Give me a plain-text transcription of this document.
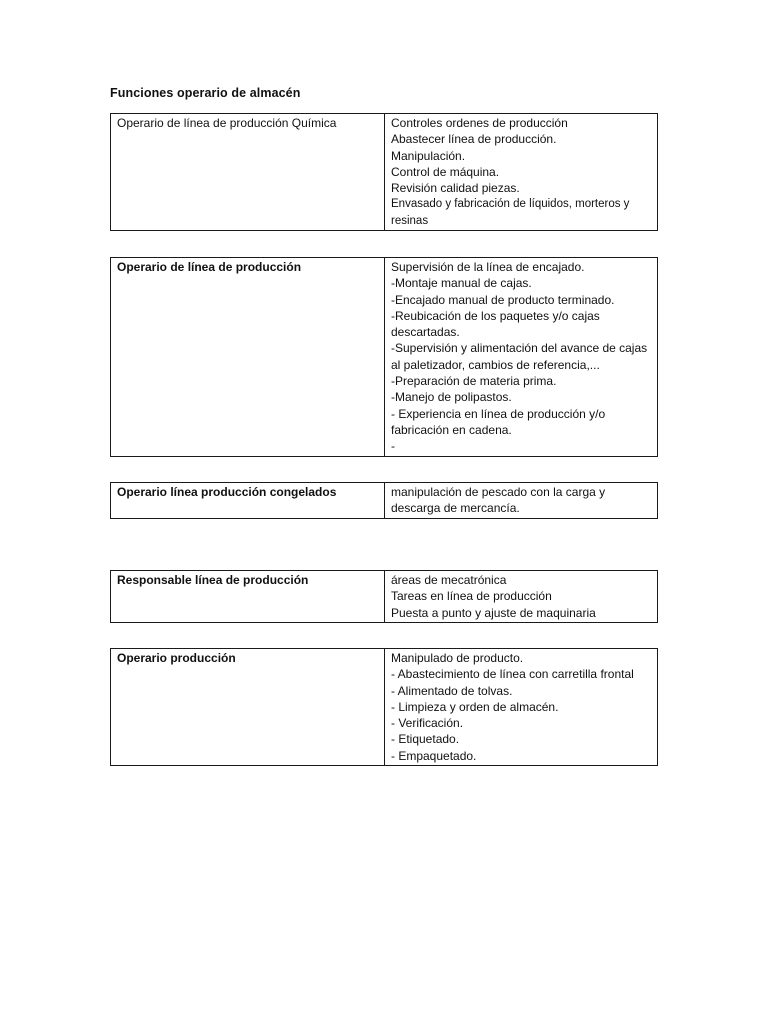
Funciones operario de almacén
Operario de línea de producción Química	Controles ordenes de producción
Abastecer línea de producción.
Manipulación.
Control de máquina.
Revisión calidad piezas.
Envasado y fabricación de líquidos, morteros y resinas
Operario de línea de producción	Supervisión de la línea de encajado.
-Montaje manual de cajas.
-Encajado manual de producto terminado.
-Reubicación de los paquetes y/o cajas descartadas.
-Supervisión y alimentación del avance de cajas al paletizador, cambios de referencia,...
-Preparación de materia prima.
-Manejo de polipastos.
- Experiencia en línea de producción y/o fabricación en cadena.
-
Operario línea producción congelados	manipulación de pescado con la carga y descarga de mercancía.
Responsable línea de producción	áreas de mecatrónica
Tareas en línea de producción
Puesta a punto y ajuste de maquinaria
Operario producción	Manipulado de producto.
- Abastecimiento de línea con carretilla frontal
- Alimentado de tolvas.
- Limpieza y orden de almacén.
- Verificación.
- Etiquetado.
- Empaquetado.
